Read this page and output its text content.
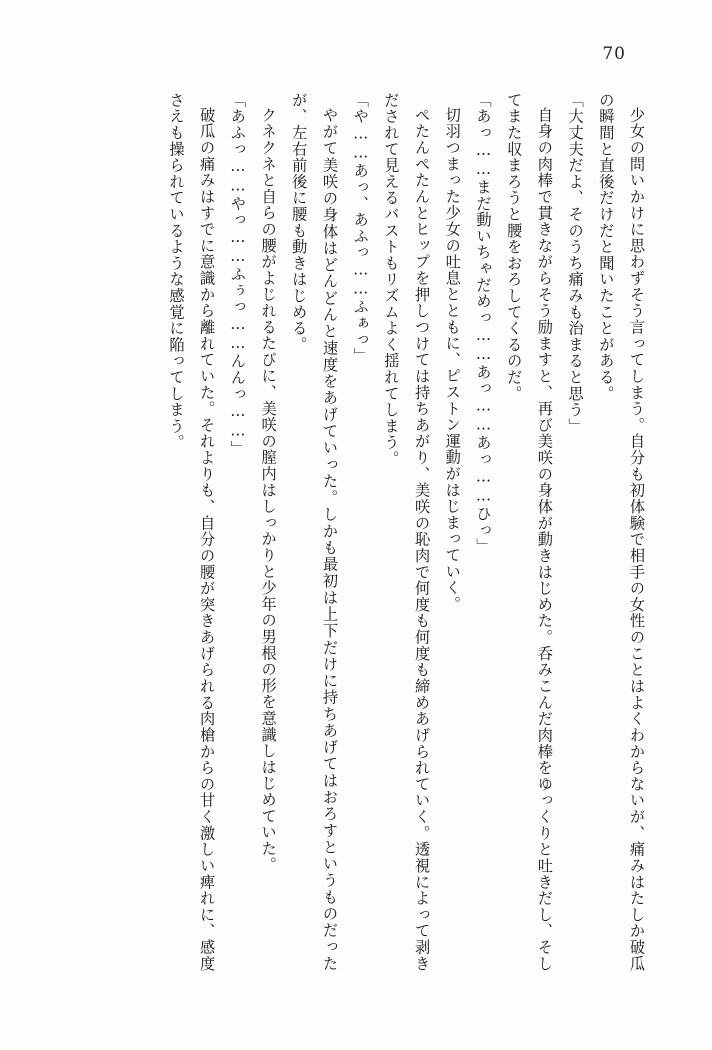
70

少女の問いかけに思わずそう言ってしまう。自分も初体験で相手の女性のことはよくわからないが、痛みはたしか破瓜の瞬間と直後だけだと聞いたことがある。

「大丈夫だよ、そのうち痛みも治まると思う」

自身の肉棒で貫きながらそう励ますと、再び美咲の身体が動きはじめた。呑みこんだ肉棒をゆっくりと吐きだし、そしてまた収まろうと腰をおろしてくるのだ。

「あっ……まだ動いちゃだめっ……あっ……あっ……ひっ」

切羽つまった少女の吐息とともに、ピストン運動がはじまっていく。

ぺたんぺたんとヒップを押しつけては持ちあがり、美咲の恥肉で何度も何度も締めあげられていく。透視によって剥きだされて見えるバストもリズムよく揺れてしまう。

「や……あっ、あふっ……ふぁっ」

やがて美咲の身体はどんどんと速度をあげていった。しかも最初は上下だけに持ちあげてはおろすというものだったが、左右前後に腰も動きはじめる。

クネクネと自らの腰がよじれるたびに、美咲の膣内はしっかりと少年の男根の形を意識しはじめていた。

「あふっ……やっ……ふぅっ……んんっ……」

破瓜の痛みはすでに意識から離れていた。それよりも、自分の腰が突きあげられる肉槍からの甘く激しい痺れに、感度さえも操られているような感覚に陥ってしまう。
